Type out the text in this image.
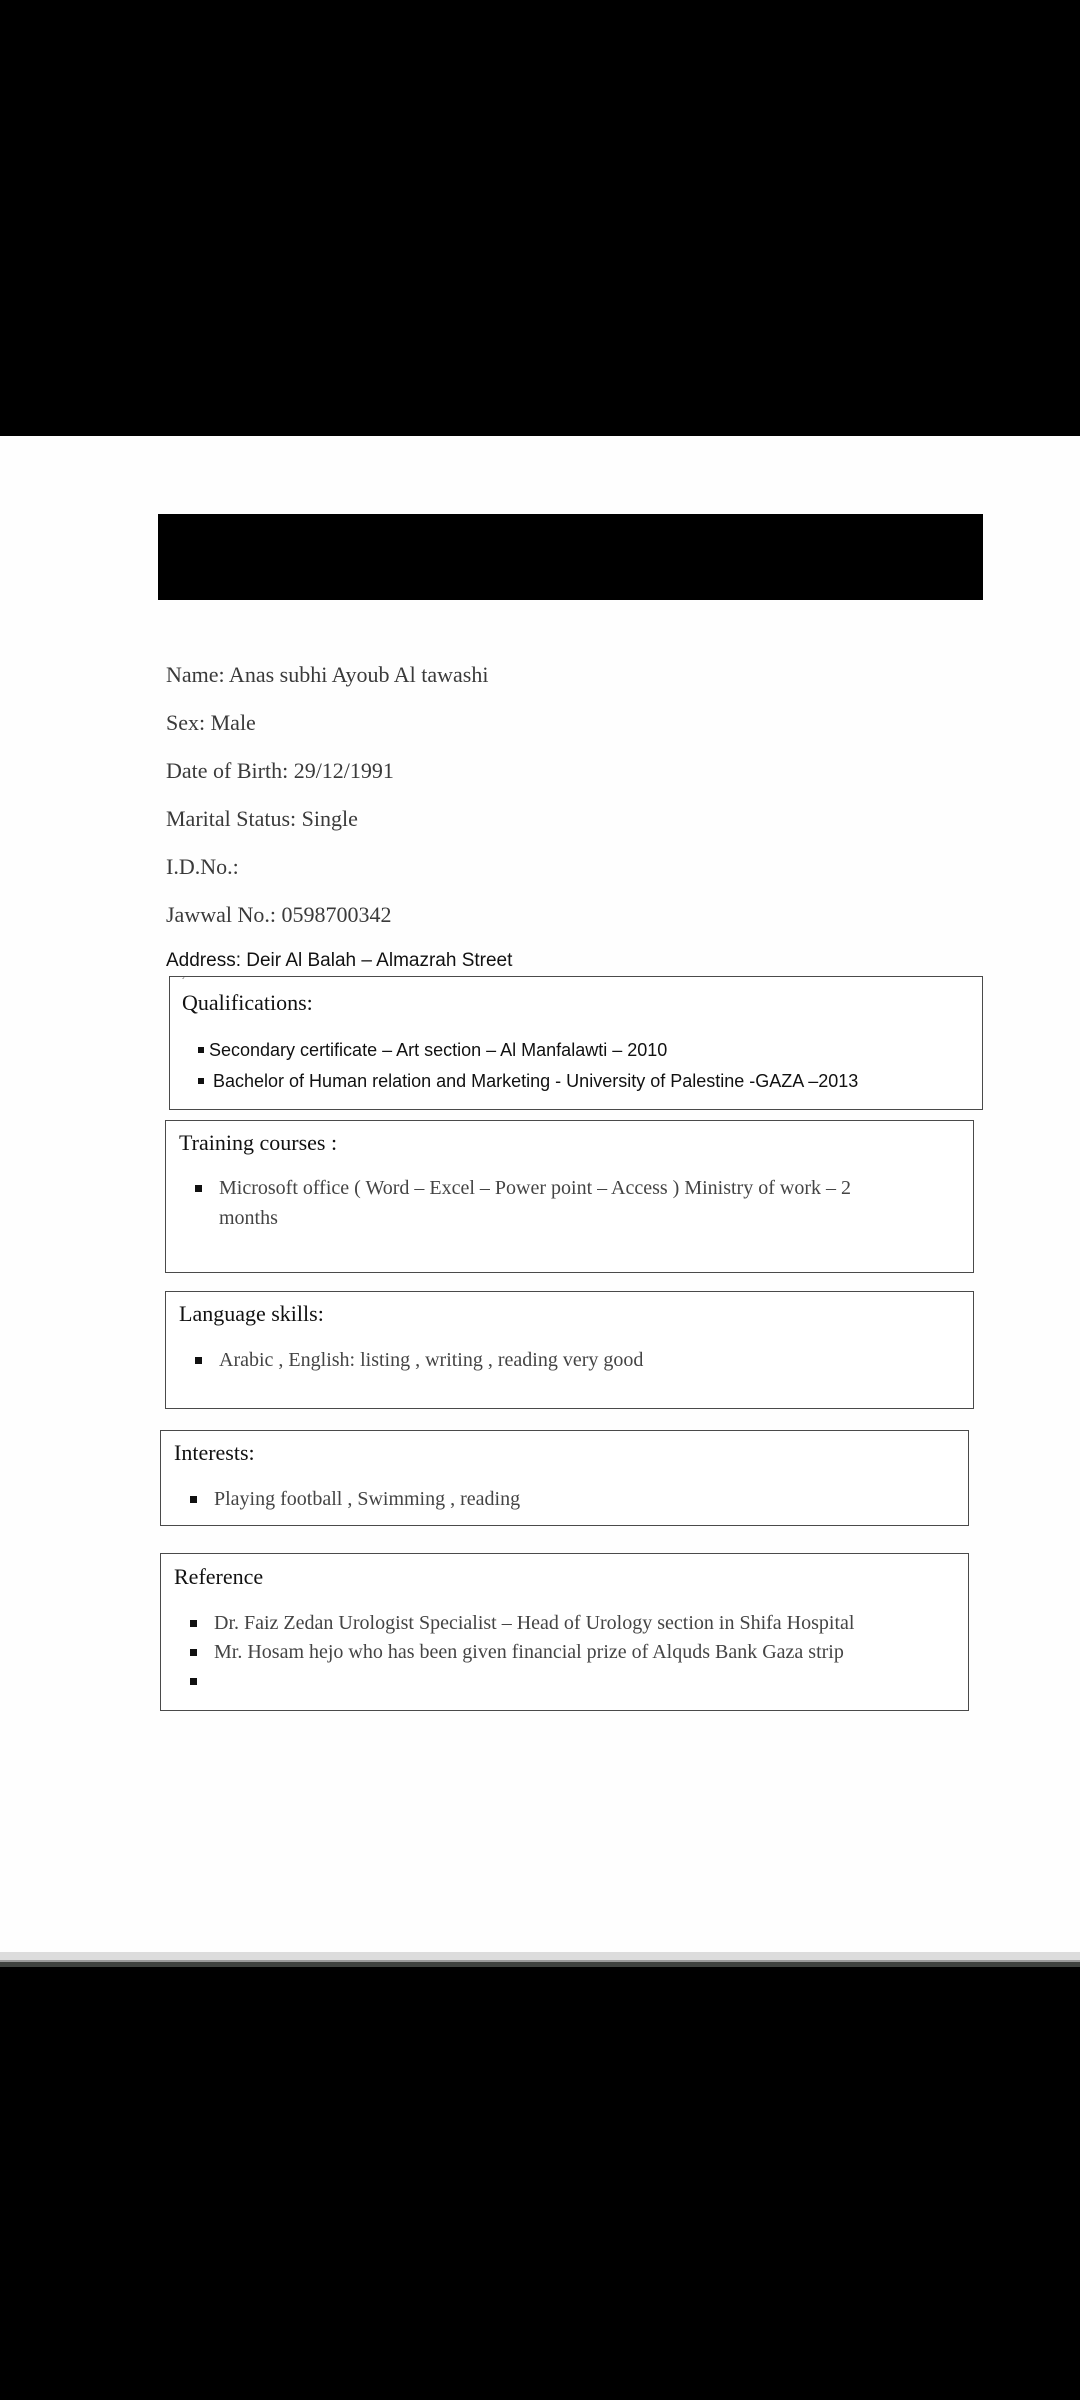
Name: Anas subhi Ayoub Al tawashi
Sex: Male
Date of Birth: 29/12/1991
Marital Status: Single
I.D.No.:
Jawwal No.: 0598700342
Address: Deir Al Balah – Almazrah Street
´
Qualifications:
Secondary certificate – Art section – Al Manfalawti – 2010
Bachelor of Human relation and Marketing - University of Palestine -GAZA –2013
Training courses :
Microsoft office ( Word – Excel – Power point – Access ) Ministry of work – 2
months
Language skills:
Arabic , English: listing , writing , reading very good
Interests:
Playing football , Swimming , reading
Reference
Dr. Faiz Zedan Urologist Specialist – Head of Urology section in Shifa Hospital
Mr. Hosam hejo who has been given financial prize of Alquds Bank Gaza strip
